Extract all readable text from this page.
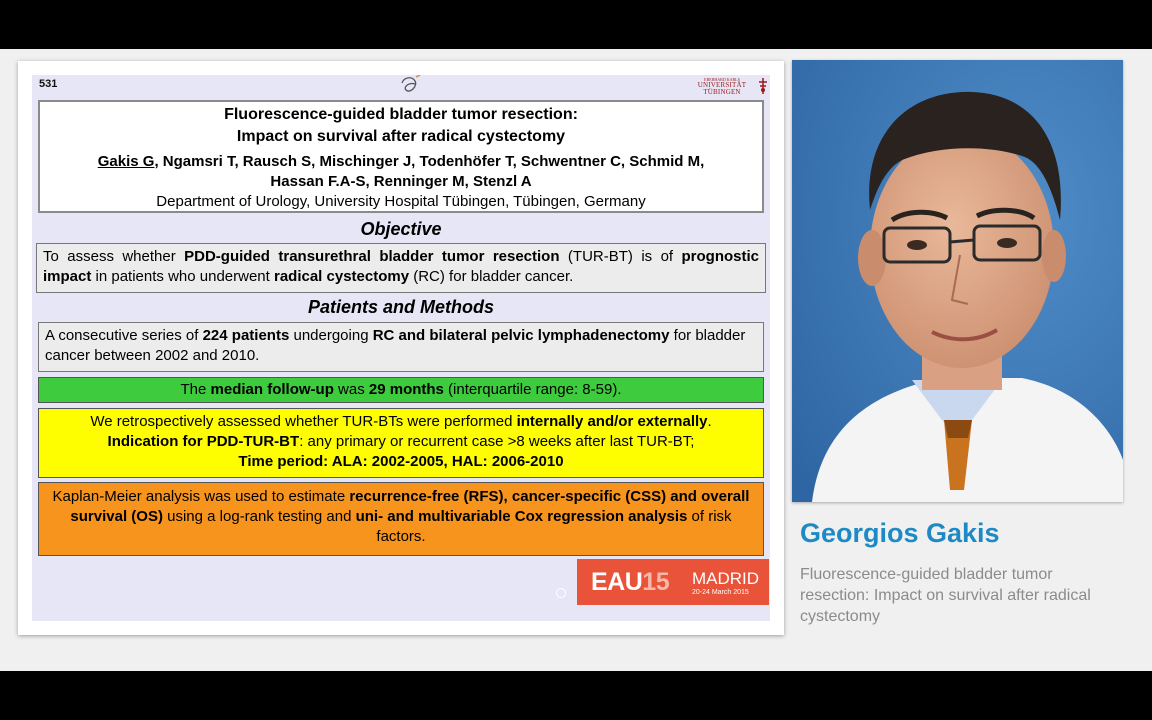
531	EBERHARD KARLS
UNIVERSITÄT TÜBINGEN
Fluorescence-guided bladder tumor resection:
Impact on survival after radical cystectomy
Gakis G, Ngamsri T, Rausch S, Mischinger J, Todenhöfer T, Schwentner C, Schmid M, Hassan F.A-S, Renninger M, Stenzl A
Department of Urology, University Hospital Tübingen, Tübingen, Germany
Objective
To assess whether PDD-guided transurethral bladder tumor resection (TUR-BT) is of prognostic impact in patients who underwent radical cystectomy (RC) for bladder cancer.
Patients and Methods
A consecutive series of 224 patients undergoing RC and bilateral pelvic lymphadenectomy for bladder cancer between 2002 and 2010.
The median follow-up was 29 months (interquartile range: 8-59).
We retrospectively assessed whether TUR-BTs were performed internally and/or externally.
Indication for PDD-TUR-BT: any primary or recurrent case >8 weeks after last TUR-BT;
Time period: ALA: 2002-2005, HAL: 2006-2010
Kaplan-Meier analysis was used to estimate recurrence-free (RFS), cancer-specific (CSS) and overall survival (OS) using a log-rank testing and uni- and multivariable Cox regression analysis of risk factors.
EAU15 MADRID
20-24 March 2015
Georgios Gakis
Fluorescence-guided bladder tumor resection: Impact on survival after radical cystectomy
